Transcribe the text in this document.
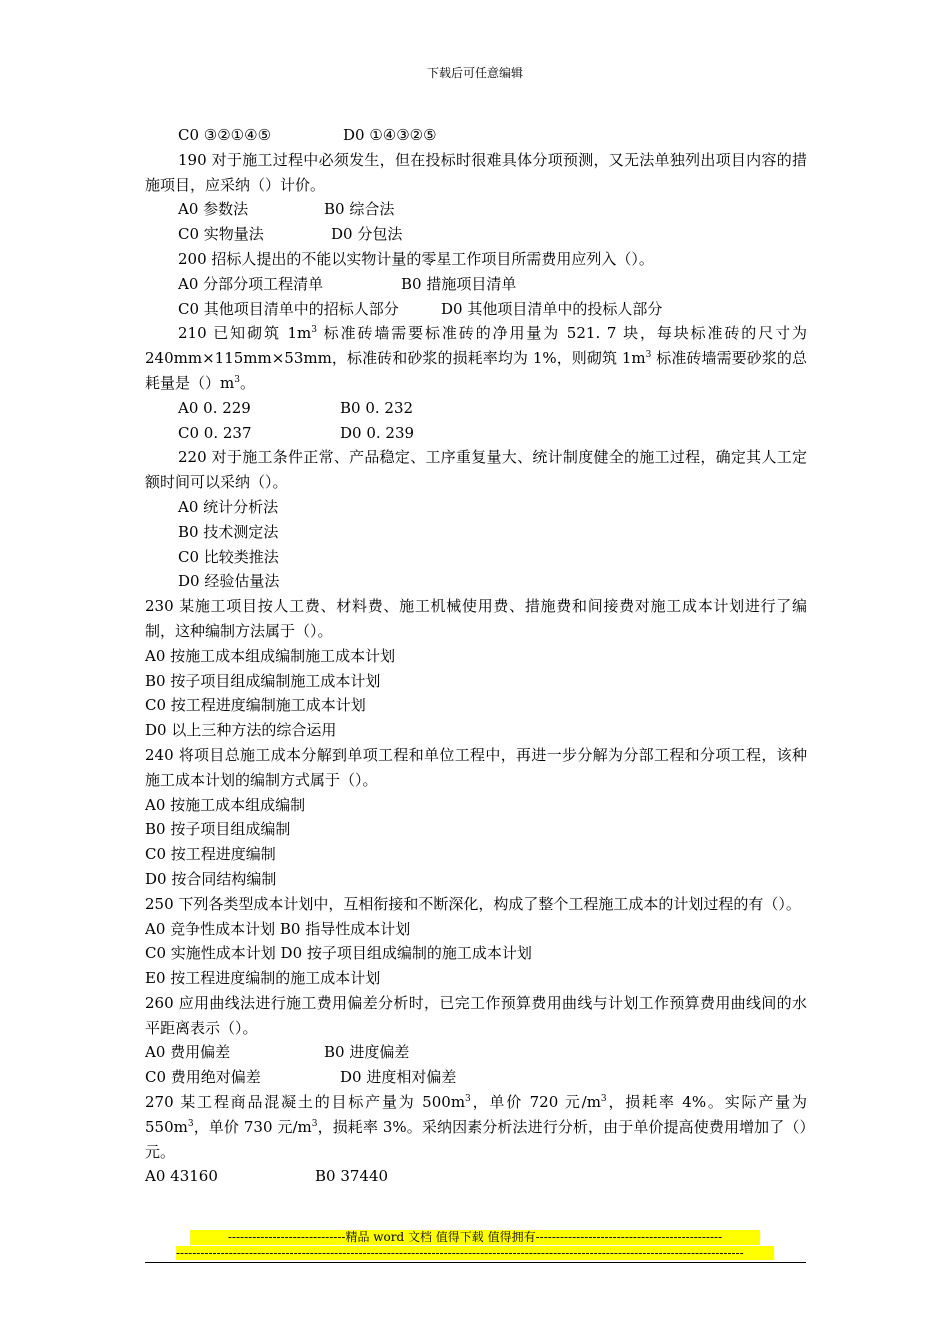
下载后可任意编辑
C0 ③②①④⑤	D0 ①④③②⑤
190 对于施工过程中必须发生，但在投标时很难具体分项预测，又无法单独列出项目内容的措施项目，应采纳（）计价。
A0 参数法	B0 综合法
C0 实物量法	D0 分包法
200 招标人提出的不能以实物计量的零星工作项目所需费用应列入（）。
A0 分部分项工程清单	B0 措施项目清单
C0 其他项目清单中的招标人部分	D0 其他项目清单中的投标人部分
210 已知砌筑 $1m^3$ 标准砖墙需要标准砖的净用量为 521. 7 块，每块标准砖的尺寸为 240mm×115mm×53mm，标准砖和砂浆的损耗率均为 1%，则砌筑 $1m^3$ 标准砖墙需要砂浆的总耗量是$()m^3$。
A0 0. 229	B0 0. 232
C0 0. 237	D0 0. 239
220 对于施工条件正常、产品稳定、工序重复量大、统计制度健全的施工过程，确定其人工定额时间可以采纳（）。
A0 统计分析法
B0 技术测定法
C0 比较类推法
D0 经验估量法
230 某施工项目按人工费、材料费、施工机械使用费、措施费和间接费对施工成本计划进行了编制，这种编制方法属于（）。
A0 按施工成本组成编制施工成本计划
B0 按子项目组成编制施工成本计划
C0 按工程进度编制施工成本计划
D0 以上三种方法的综合运用
240 将项目总施工成本分解到单项工程和单位工程中，再进一步分解为分部工程和分项工程，该种施工成本计划的编制方式属于（）。
A0 按施工成本组成编制
B0 按子项目组成编制
C0 按工程进度编制
D0 按合同结构编制
250 下列各类型成本计划中，互相衔接和不断深化，构成了整个工程施工成本的计划过程的有（）。
A0 竞争性成本计划 B0 指导性成本计划
C0 实施性成本计划 D0 按子项目组成编制的施工成本计划
E0 按工程进度编制的施工成本计划
260 应用曲线法进行施工费用偏差分析时，已完工作预算费用曲线与计划工作预算费用曲线间的水平距离表示（）。
A0 费用偏差	B0 进度偏差
C0 费用绝对偏差	D0 进度相对偏差
270 某工程商品混凝土的目标产量为 $500m^3$，单价 720 元$/m^3$，损耗率 4%。实际产量为 $550m^3$，单价 730 元$/m^3$，损耗率 3%。采纳因素分析法进行分析，由于单价提高使费用增加了（）元。
A0 43160	B0 37440
-----------------------------精品 word 文档 值得下载 值得拥有----------------------------------------------
--------------------------------------------------------------------------------------------------------------------------------------------
